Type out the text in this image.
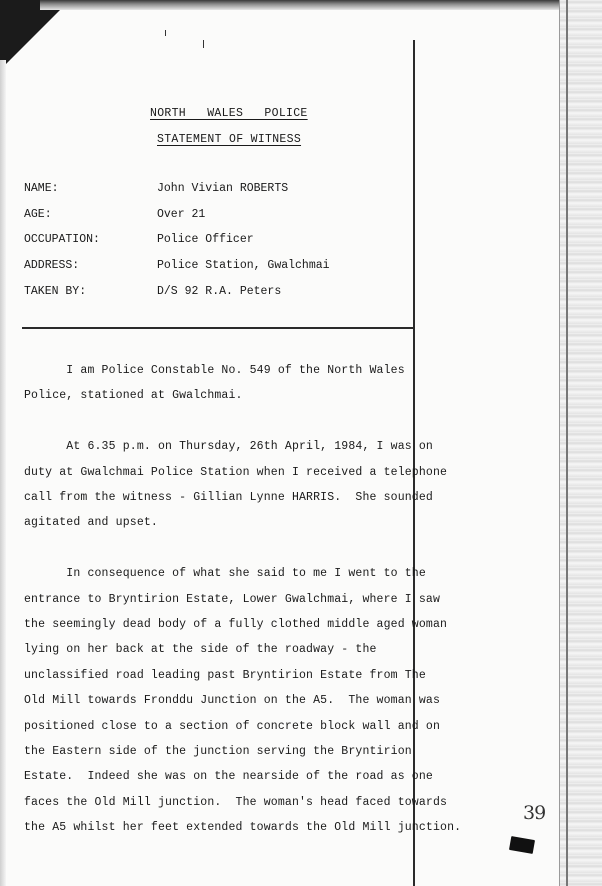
NORTH WALES POLICE
STATEMENT OF WITNESS
NAME:	John Vivian ROBERTS
AGE:	Over 21
OCCUPATION:	Police Officer
ADDRESS:	Police Station, Gwalchmai
TAKEN BY:	D/S 92 R.A. Peters
I am Police Constable No. 549 of the North Wales
Police, stationed at Gwalchmai.
At 6.35 p.m. on Thursday, 26th April, 1984, I was on
duty at Gwalchmai Police Station when I received a telephone
call from the witness - Gillian Lynne HARRIS.  She sounded
agitated and upset.
In consequence of what she said to me I went to the
entrance to Bryntirion Estate, Lower Gwalchmai, where I saw
the seemingly dead body of a fully clothed middle aged woman
lying on her back at the side of the roadway - the
unclassified road leading past Bryntirion Estate from The
Old Mill towards Fronddu Junction on the A5.  The woman was
positioned close to a section of concrete block wall and on
the Eastern side of the junction serving the Bryntirion
Estate.  Indeed she was on the nearside of the road as one
faces the Old Mill junction.  The woman's head faced towards
the A5 whilst her feet extended towards the Old Mill junction.
39
